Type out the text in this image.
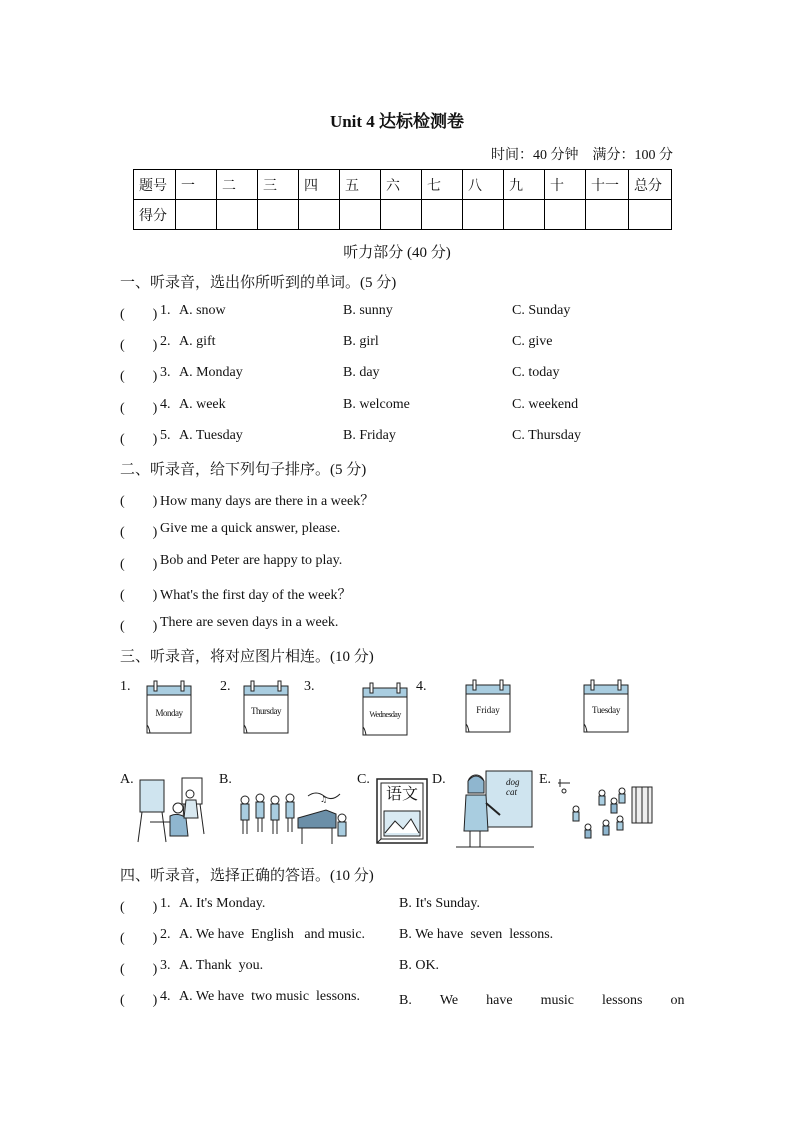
Unit 4 达标检测卷
时间：40 分钟　满分：100 分
题号	一	二	三	四	五	六	七	八	九	十	十一	总分
得分												
听力部分 (40 分)
一、听录音，选出你所听到的单词。(5 分)
(　　) 1. A. snow	B. sunny	C. Sunday
(　　) 2. A. gift	B. girl	C. give
(　　) 3. A. Monday	B. day	C. today
(　　) 4. A. week	B. welcome	C. weekend
(　　) 5. A. Tuesday	B. Friday	C. Thursday
二、听录音，给下列句子排序。(5 分)
(　　) How many days are there in a week？
(　　) Give me a quick answer, please.
(　　) Bob and Peter are happy to play.
(　　) What's the first day of the week？
(　　) There are seven days in a week.
三、听录音，将对应图片相连。(10 分)
1.	2.	3.	4.
Monday	Thursday	Wednesday	Friday	Tuesday
A.	B.	C.	D.	E.
♫	语文
dog
cat
四、听录音，选择正确的答语。(10 分)
(　　) 1. A. It's Monday.	B. It's Sunday.
(　　) 2. A. We have  English   and music. B. We have  seven  lessons.
(　　) 3. A. Thank  you.	B. OK.
(　　) 4. A. We have  two music  lessons.	B.　　We　　have　　music　　lessons　　on
